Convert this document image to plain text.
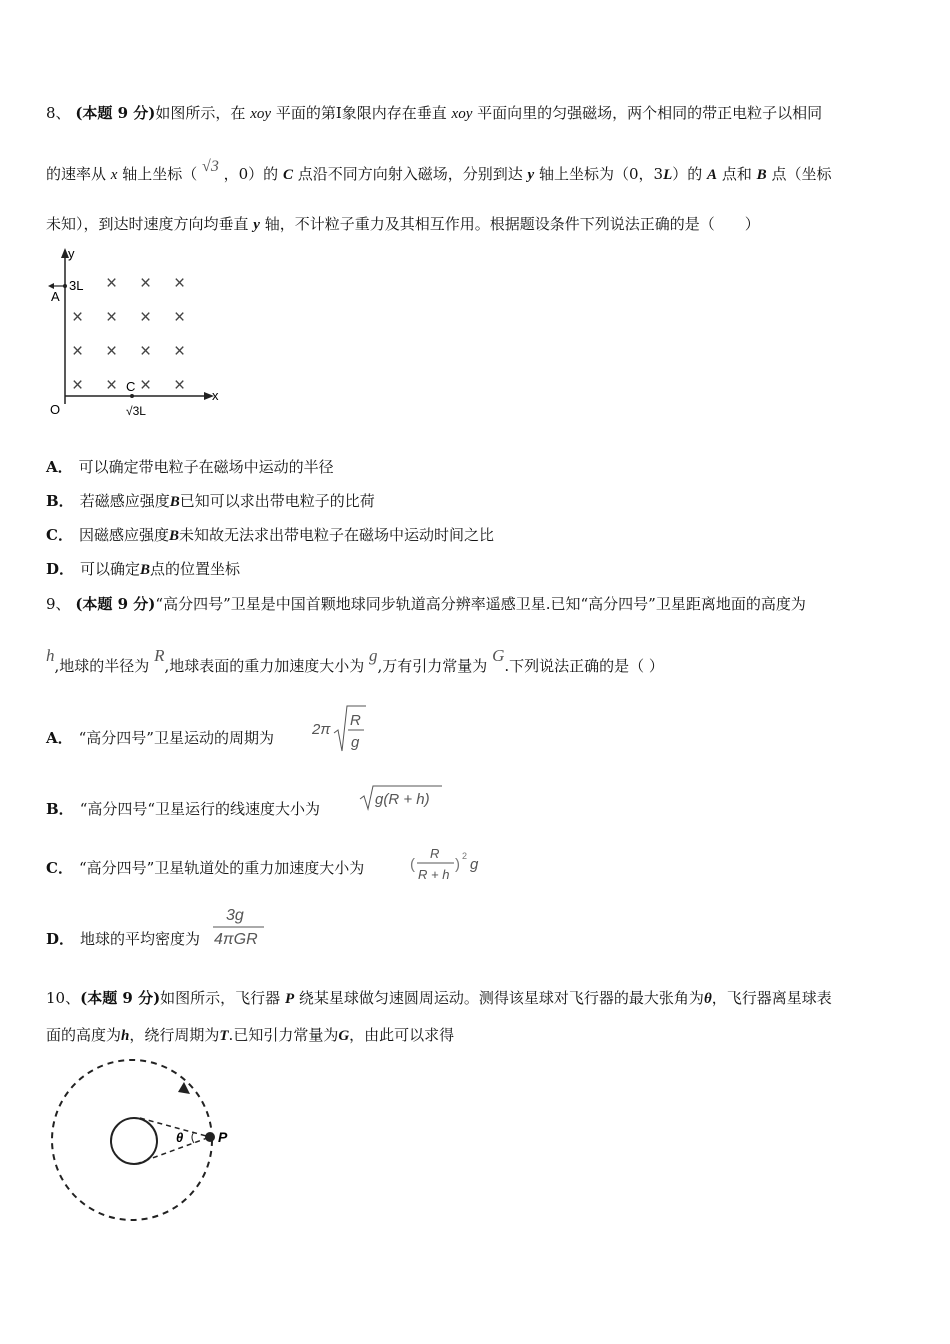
8、 (本题 9 分)如图所示，在 xoy 平面的第Ⅰ象限内存在垂直 xoy 平面向里的匀强磁场，两个相同的带正电粒子以相同
的速率从 x 轴上坐标（ √3 ，0）的 C 点沿不同方向射入磁场，分别到达 y 轴上坐标为（0，3L）的 A 点和 B 点（坐标
未知），到达时速度方向均垂直 y 轴，不计粒子重力及其相互作用。根据题设条件下列说法正确的是（　　）
y
x
O
A
3L × × ×
× × × ×
× × × ×
× × × ×
C
√3L
A． 可以确定带电粒子在磁场中运动的半径
B． 若磁感应强度B已知可以求出带电粒子的比荷
C． 因磁感应强度B未知故无法求出带电粒子在磁场中运动时间之比
D． 可以确定B点的位置坐标
9、 (本题 9 分)“高分四号”卫星是中国首颗地球同步轨道高分辨率遥感卫星.已知“高分四号”卫星距离地面的高度为
h,地球的半径为 R,地球表面的重力加速度大小为 g,万有引力常量为 G.下列说法正确的是（ ）
A． “高分四号”卫星运动的周期为	2π
R
g
B． “高分四号“卫星运行的线速度大小为
g(R + h)
C． “高分四号”卫星轨道处的重力加速度大小为	(
R
R + h
) 2 g
D． 地球的平均密度为
3g
4πGR
10、(本题 9 分)如图所示，飞行器 P 绕某星球做匀速圆周运动。测得该星球对飞行器的最大张角为θ，飞行器离星球表
面的高度为h，绕行周期为T.已知引力常量为G，由此可以求得
θ P
